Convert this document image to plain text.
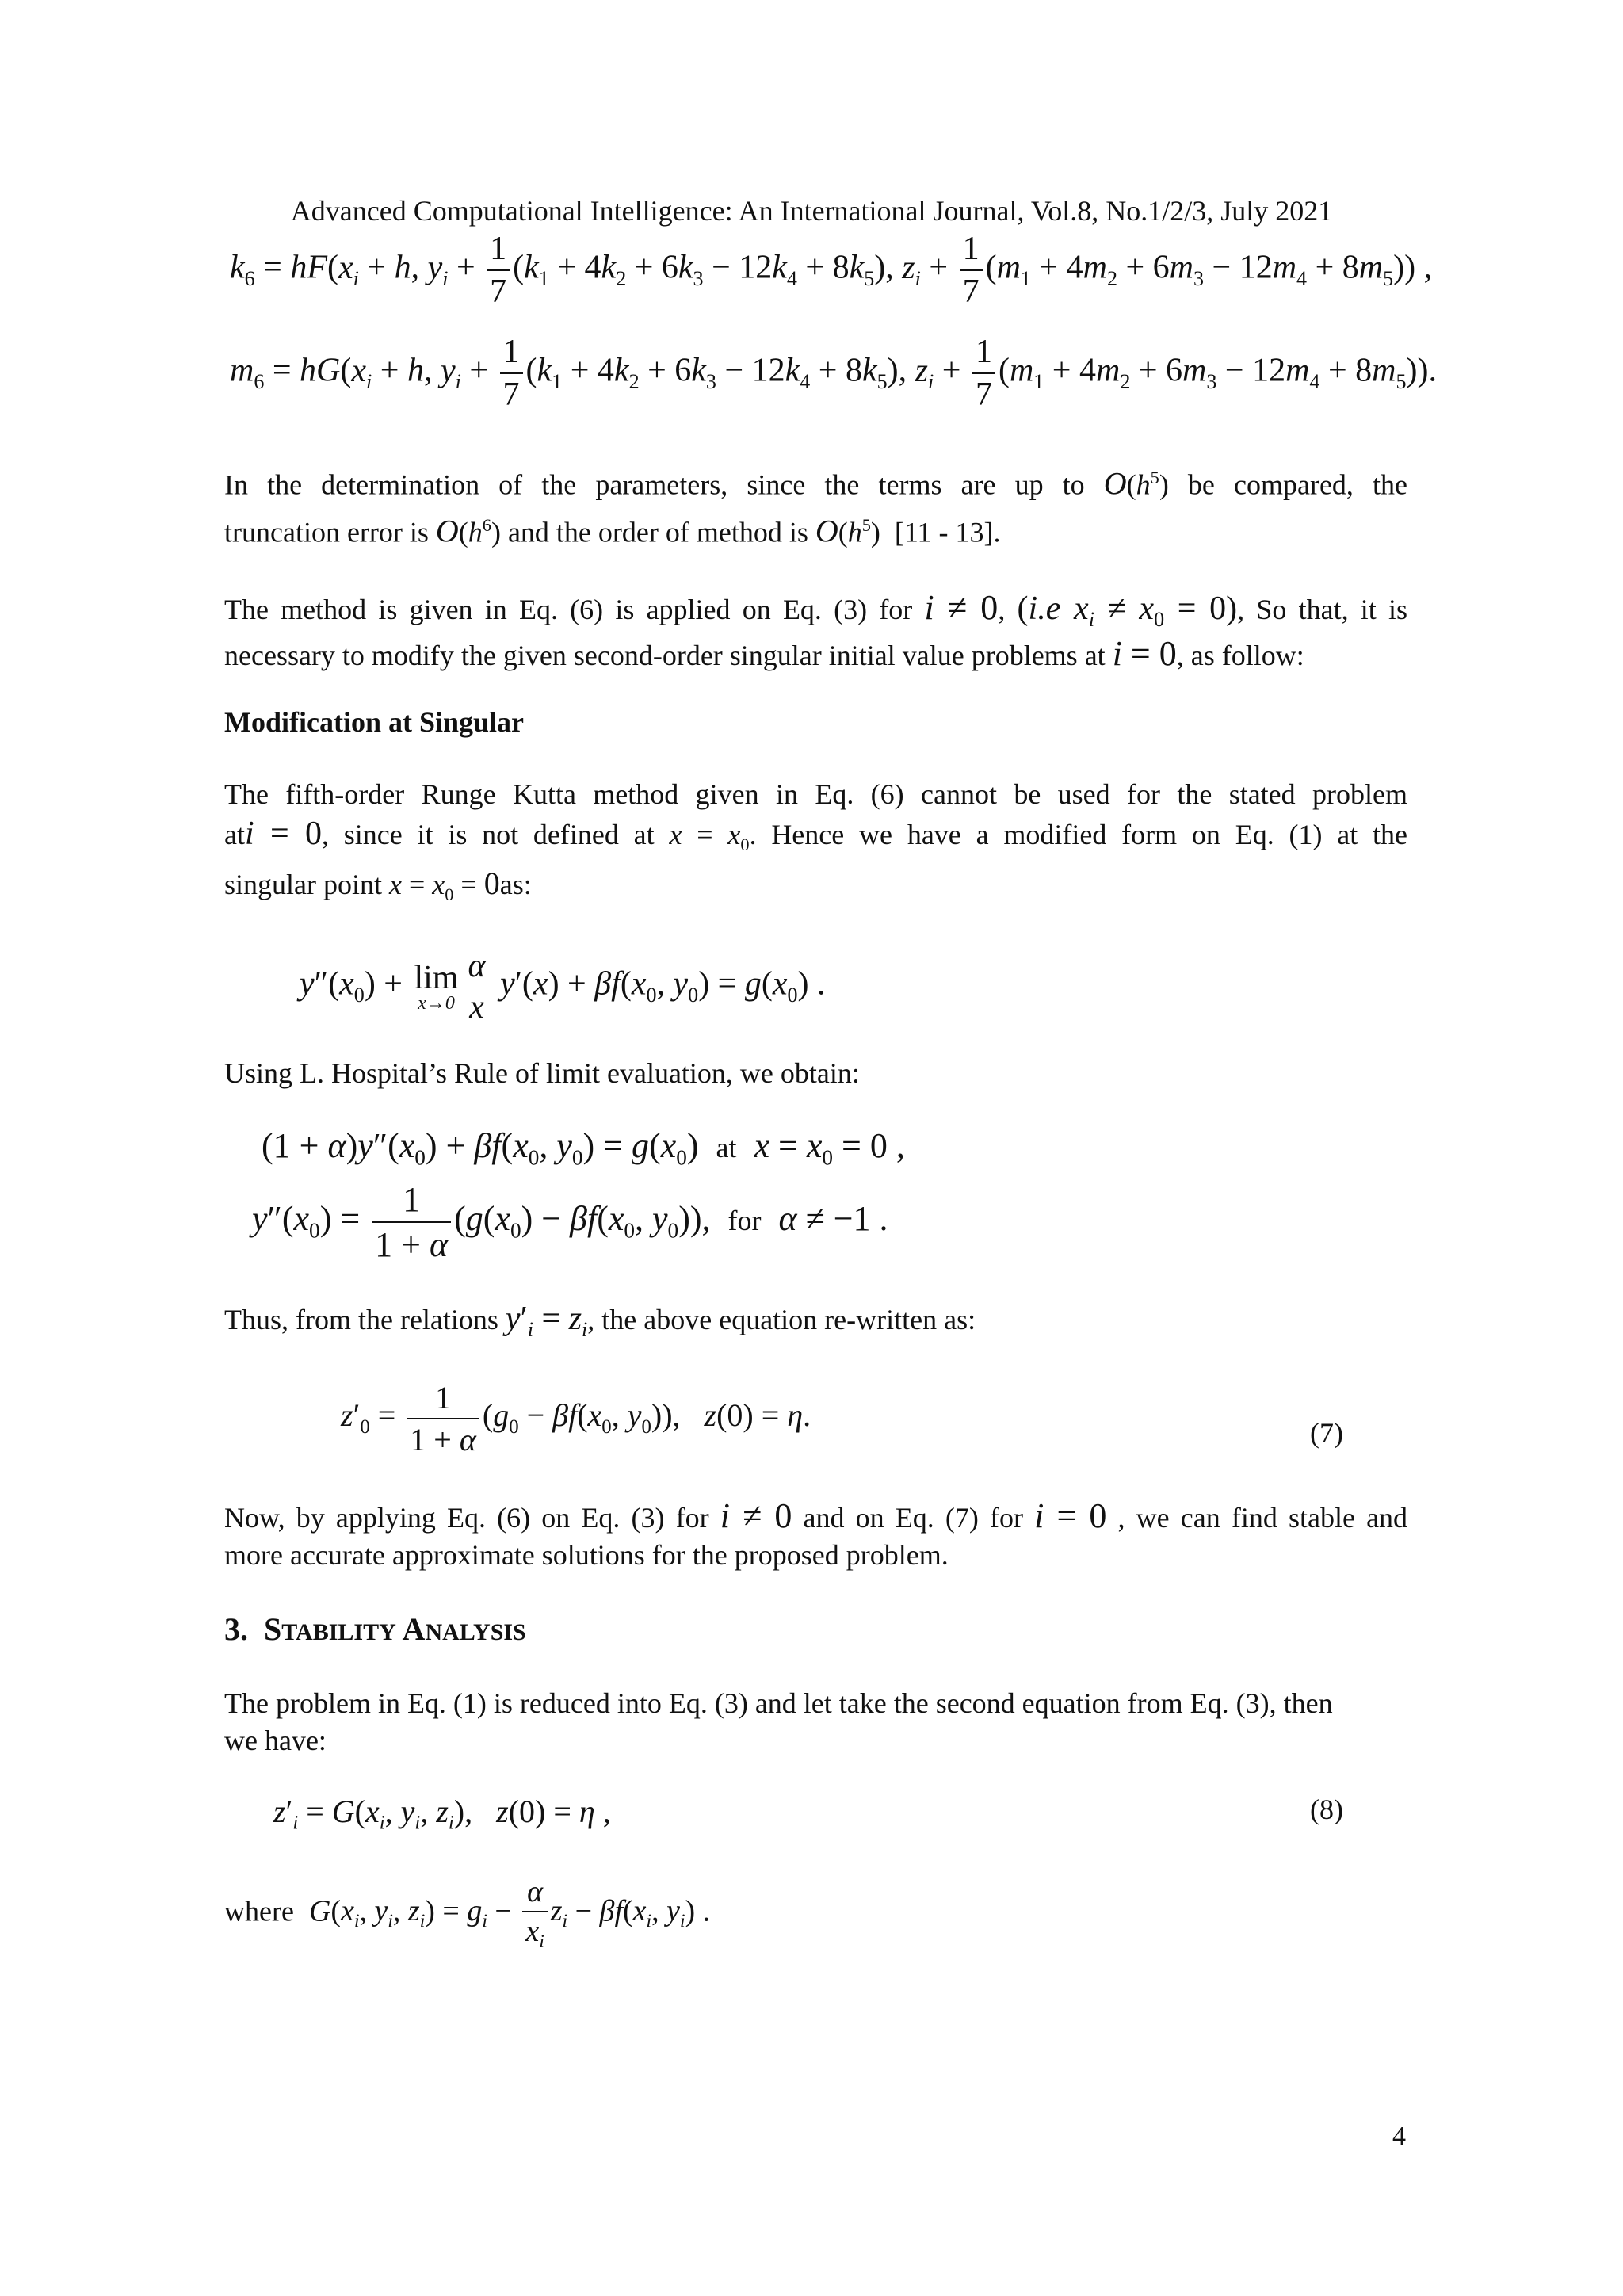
Advanced Computational Intelligence: An International Journal, Vol.8, No.1/2/3, July 2021
$k_6 = hF(x_i + h$, $y_i + \frac{1}{7} (k_1 + 4k_2 + 6k_3 - 12k_4 + 8k_5)$, $z_i + \frac{1}{7} (m_1 + 4m_2 + 6m_3 - 12m_4 + 8m_5)$) ,
$m_6 = hG(x_i + h$, $y_i + \frac{1}{7} (k_1 + 4k_2 + 6k_3 - 12k_4 + 8k_5)$, $z_i + \frac{1}{7} (m_1 + 4m_2 + 6m_3 - 12m_4 + 8m_5)$).
In the determination of the parameters, since the terms are up to $O(h^5)$ be compared, the
truncation error is $O(h^6)$ and the order of method is $O(h^5)$  [11 - 13].
The method is given in Eq. (6) is applied on Eq. (3) for i ≠ 0, (i.e $x_i \ne x_0 = 0$), So that, it is
necessary to modify the given second-order singular initial value problems at i = 0, as follow:
Modification at Singular
The fifth-order Runge Kutta method given in Eq. (6) cannot be used for the stated problem
ati = 0, since it is not defined at $x = x_0$. Hence we have a modified form on Eq. (1) at the
singular point $x = x_0 = 0as$:
$y''(x_0) + \lim$
x→0
α
x
$y'(x) + \beta f(x_0$, $y_0) = g(x_0)$ .
Using L. Hospital’s Rule of limit evaluation, we obtain:
$(1 + \alpha)y''(x_0) + \beta f(x_0$, $y_0) = g(x_0)$  at $x = x_0 = 0$ ,
$y''(x_0) = \frac{1}{1 + \alpha} (g(x_0) - \beta f(x_0$, $y_0$)),  for α ≠ −1 .
Thus, from the relations $y'_i = z_i$, the above equation re-written as:
$z'_0 = \frac{1}{1 + \alpha} (g_0 - \beta f(x_0$, $y_0$)),   z(0) = η.	(7)
Now, by applying Eq. (6) on Eq. (3) for i ≠ 0 and on Eq. (7) for i = 0 , we can find stable and
more accurate approximate solutions for the proposed problem.
3. STABILITY ANALYSIS
The problem in Eq. (1) is reduced into Eq. (3) and let take the second equation from Eq. (3), then
we have:
$z'_i = G(x_i$, $y_i$, $z_i$),   z(0) = η ,	(8)
where $G(x_i$, $y_i$, $z_i) = g_i - \frac{\alpha}{x_i} z_i - \beta f(x_i$, $y_i$) .
4
